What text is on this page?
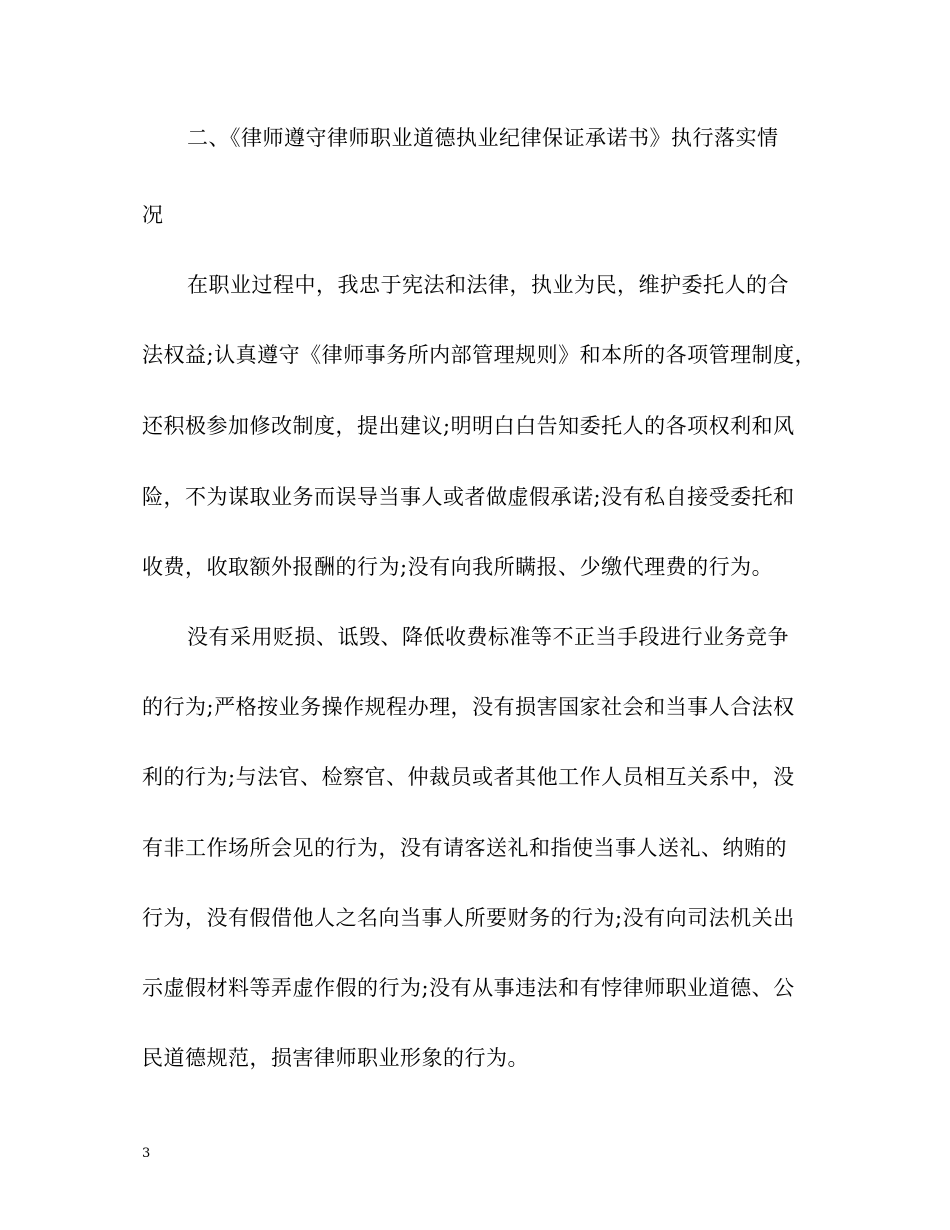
二、《律师遵守律师职业道德执业纪律保证承诺书》执行落实情
况
在职业过程中，我忠于宪法和法律，执业为民，维护委托人的合
法权益;认真遵守《律师事务所内部管理规则》和本所的各项管理制度，
还积极参加修改制度，提出建议;明明白白告知委托人的各项权利和风
险，不为谋取业务而误导当事人或者做虚假承诺;没有私自接受委托和
收费，收取额外报酬的行为;没有向我所瞒报、少缴代理费的行为。
没有采用贬损、诋毁、降低收费标准等不正当手段进行业务竞争
的行为;严格按业务操作规程办理，没有损害国家社会和当事人合法权
利的行为;与法官、检察官、仲裁员或者其他工作人员相互关系中，没
有非工作场所会见的行为，没有请客送礼和指使当事人送礼、纳贿的
行为，没有假借他人之名向当事人所要财务的行为;没有向司法机关出
示虚假材料等弄虚作假的行为;没有从事违法和有悖律师职业道德、公
民道德规范，损害律师职业形象的行为。
3
